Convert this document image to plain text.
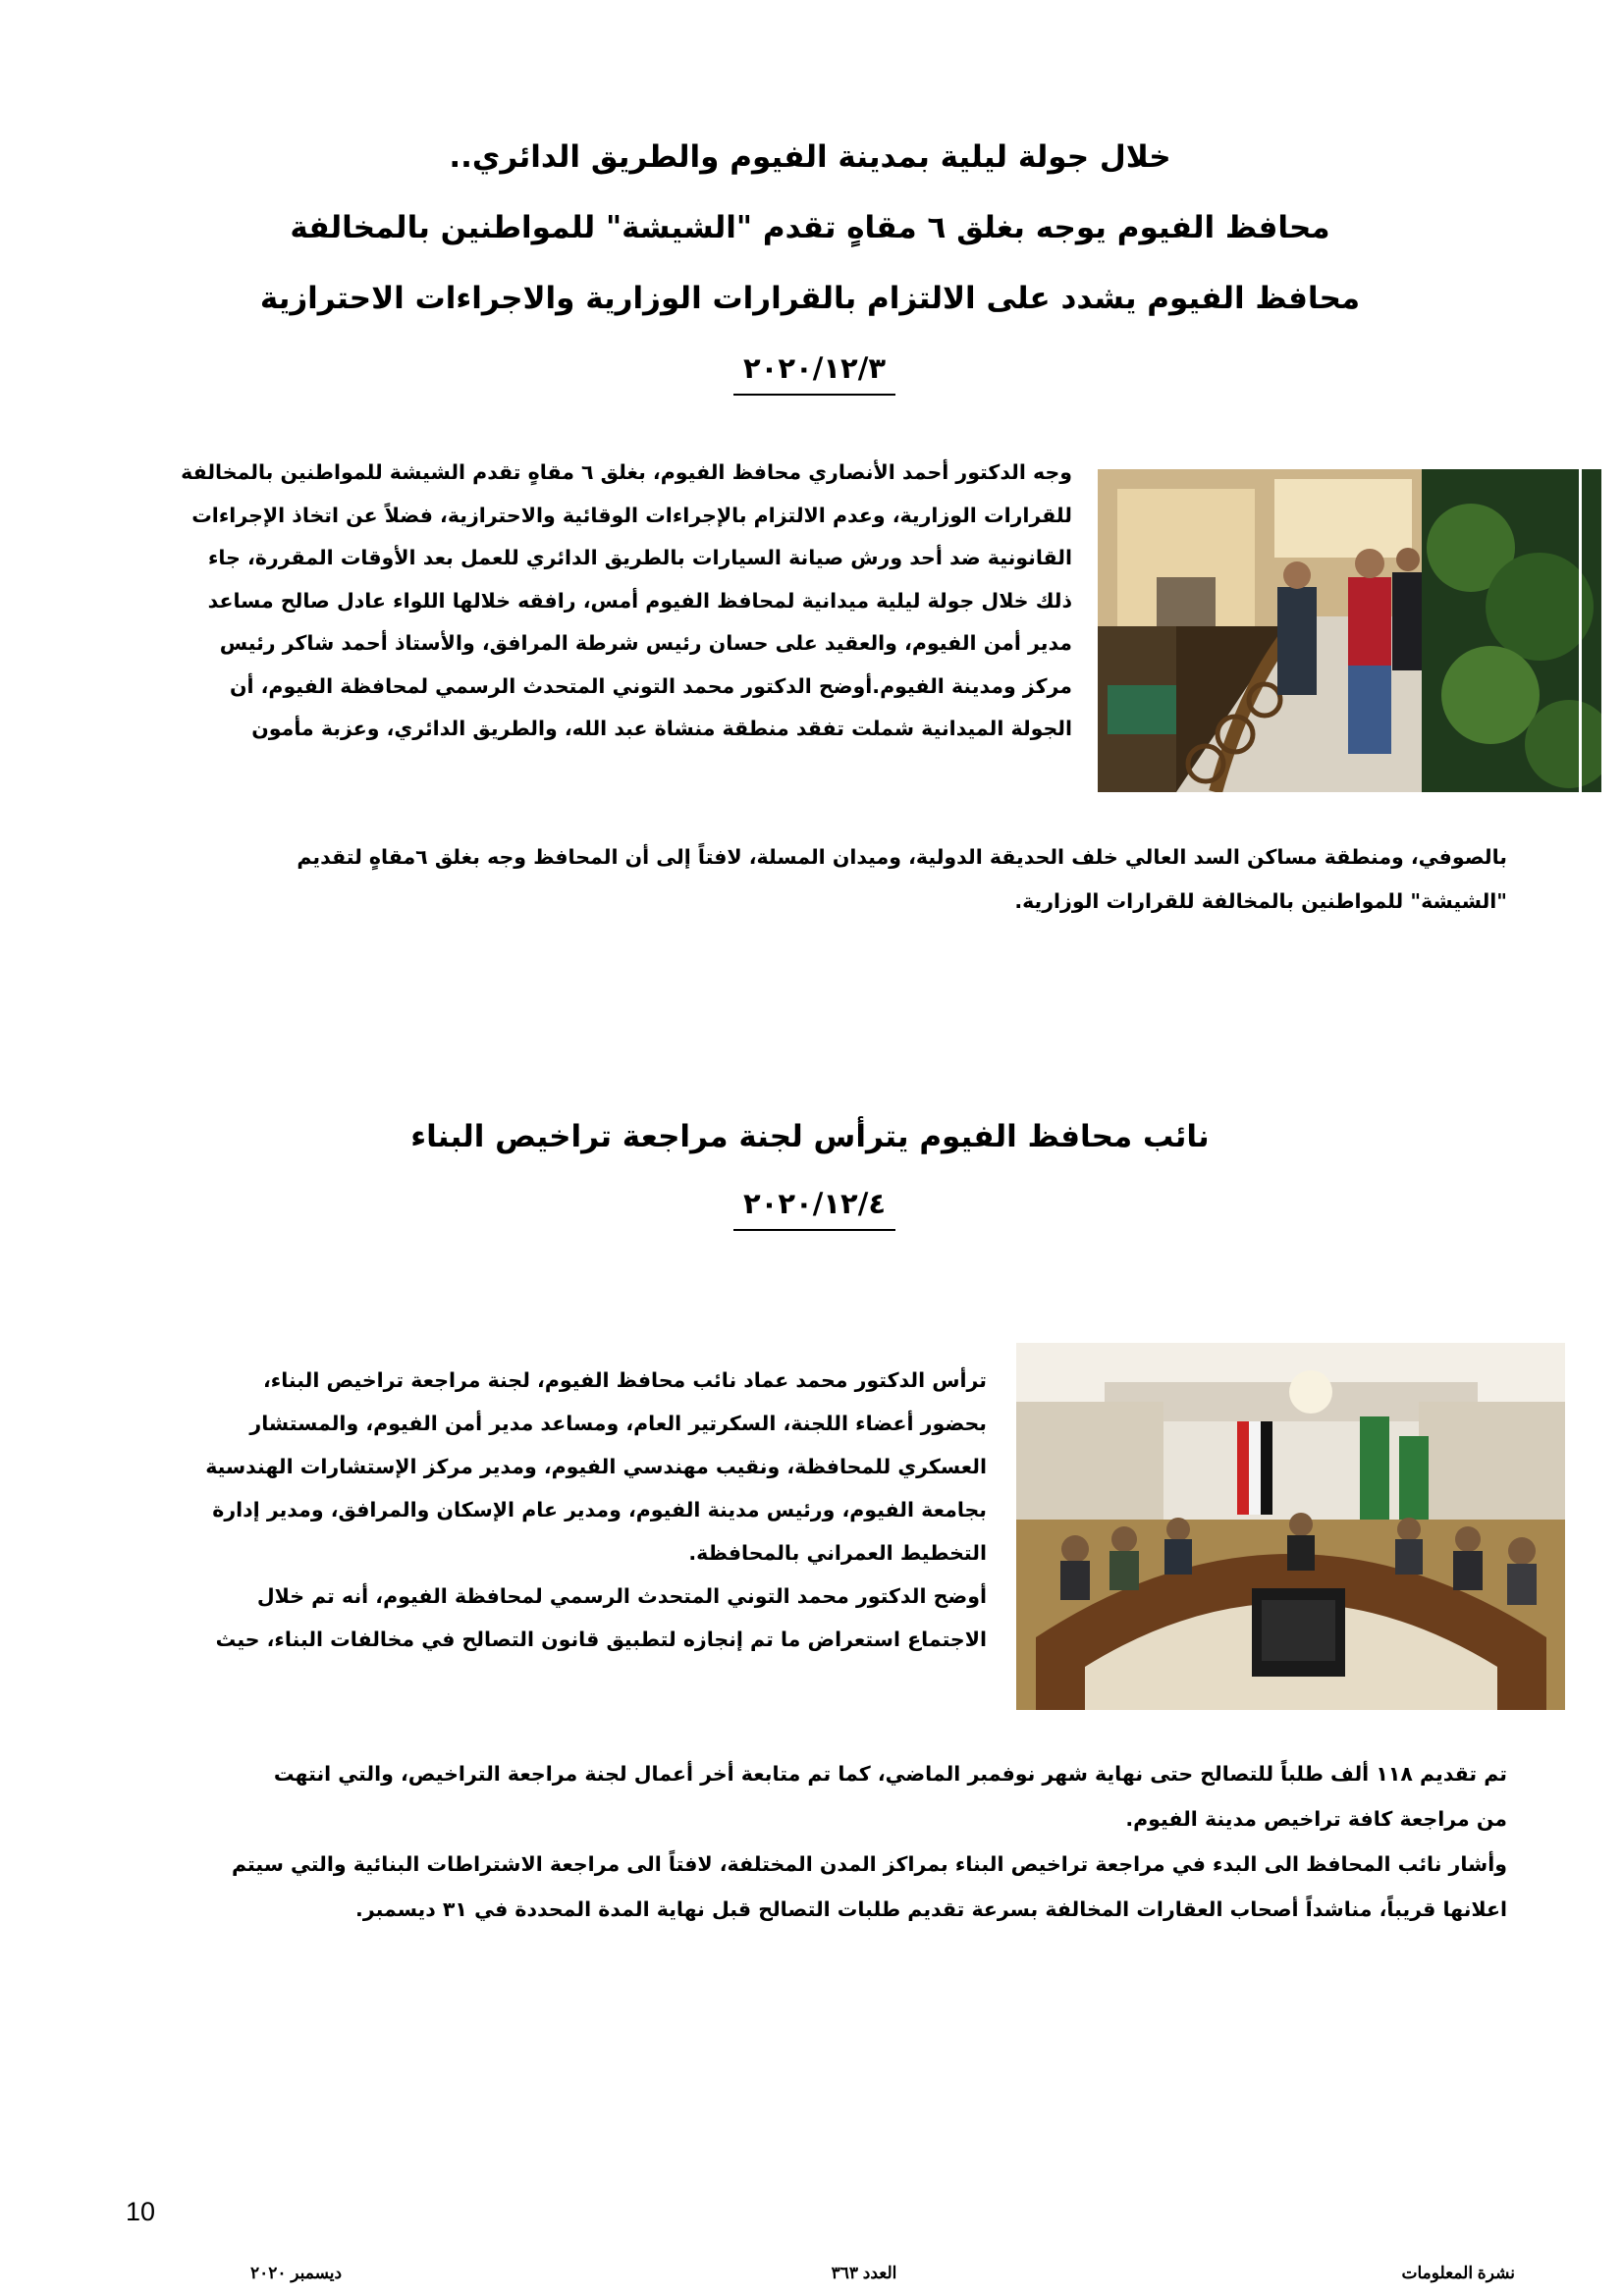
خلال جولة ليلية بمدينة الفيوم والطريق الدائري..
محافظ الفيوم يوجه بغلق ٦ مقاهٍ تقدم "الشيشة" للمواطنين بالمخالفة
محافظ الفيوم يشدد على الالتزام بالقرارات الوزارية والاجراءات الاحترازية
٢٠٢٠/١٢/٣
وجه الدكتور أحمد الأنصاري محافظ الفيوم، بغلق ٦ مقاهٍ تقدم الشيشة للمواطنين بالمخالفة
للقرارات الوزارية، وعدم الالتزام بالإجراءات الوقائية والاحترازية، فضلاً عن اتخاذ الإجراءات
القانونية ضد أحد ورش صيانة السيارات بالطريق الدائري للعمل بعد الأوقات المقررة، جاء
ذلك خلال جولة ليلية ميدانية لمحافظ الفيوم أمس، رافقه خلالها اللواء عادل صالح مساعد
مدير أمن الفيوم، والعقيد على حسان رئيس شرطة المرافق، والأستاذ أحمد شاكر رئيس
مركز ومدينة الفيوم.أوضح الدكتور محمد التوني المتحدث الرسمي لمحافظة الفيوم، أن
الجولة الميدانية شملت تفقد منطقة منشاة عبد الله، والطريق الدائري، وعزبة مأمون
بالصوفي، ومنطقة مساكن السد العالي خلف الحديقة الدولية، وميدان المسلة، لافتاً إلى أن المحافظ وجه بغلق ٦مقاهٍ لتقديم
"الشيشة" للمواطنين بالمخالفة للقرارات الوزارية.
نائب محافظ الفيوم يترأس لجنة مراجعة تراخيص البناء
٢٠٢٠/١٢/٤
ترأس الدكتور محمد عماد نائب محافظ الفيوم، لجنة مراجعة تراخيص البناء،
بحضور أعضاء اللجنة، السكرتير العام، ومساعد مدير أمن الفيوم، والمستشار
العسكري للمحافظة، ونقيب مهندسي الفيوم، ومدير مركز الإستشارات الهندسية
بجامعة الفيوم، ورئيس مدينة الفيوم، ومدير عام الإسكان والمرافق، ومدير إدارة
التخطيط العمراني بالمحافظة.
أوضح الدكتور محمد التوني المتحدث الرسمي لمحافظة الفيوم، أنه تم خلال
الاجتماع استعراض ما تم إنجازه لتطبيق قانون التصالح في مخالفات البناء، حيث
تم تقديم ١١٨ ألف طلباً للتصالح حتى نهاية شهر نوفمبر الماضي، كما تم متابعة أخر أعمال لجنة مراجعة التراخيص، والتي انتهت
من مراجعة كافة تراخيص مدينة الفيوم.
وأشار نائب المحافظ الى البدء في مراجعة تراخيص البناء بمراكز المدن المختلفة، لافتاً الى مراجعة الاشتراطات البنائية والتي سيتم
اعلانها قريباً، مناشداً أصحاب العقارات المخالفة بسرعة تقديم طلبات التصالح قبل نهاية المدة المحددة في ٣١ ديسمبر.
10
نشرة المعلومات
العدد ٣٦٣
ديسمبر ٢٠٢٠
